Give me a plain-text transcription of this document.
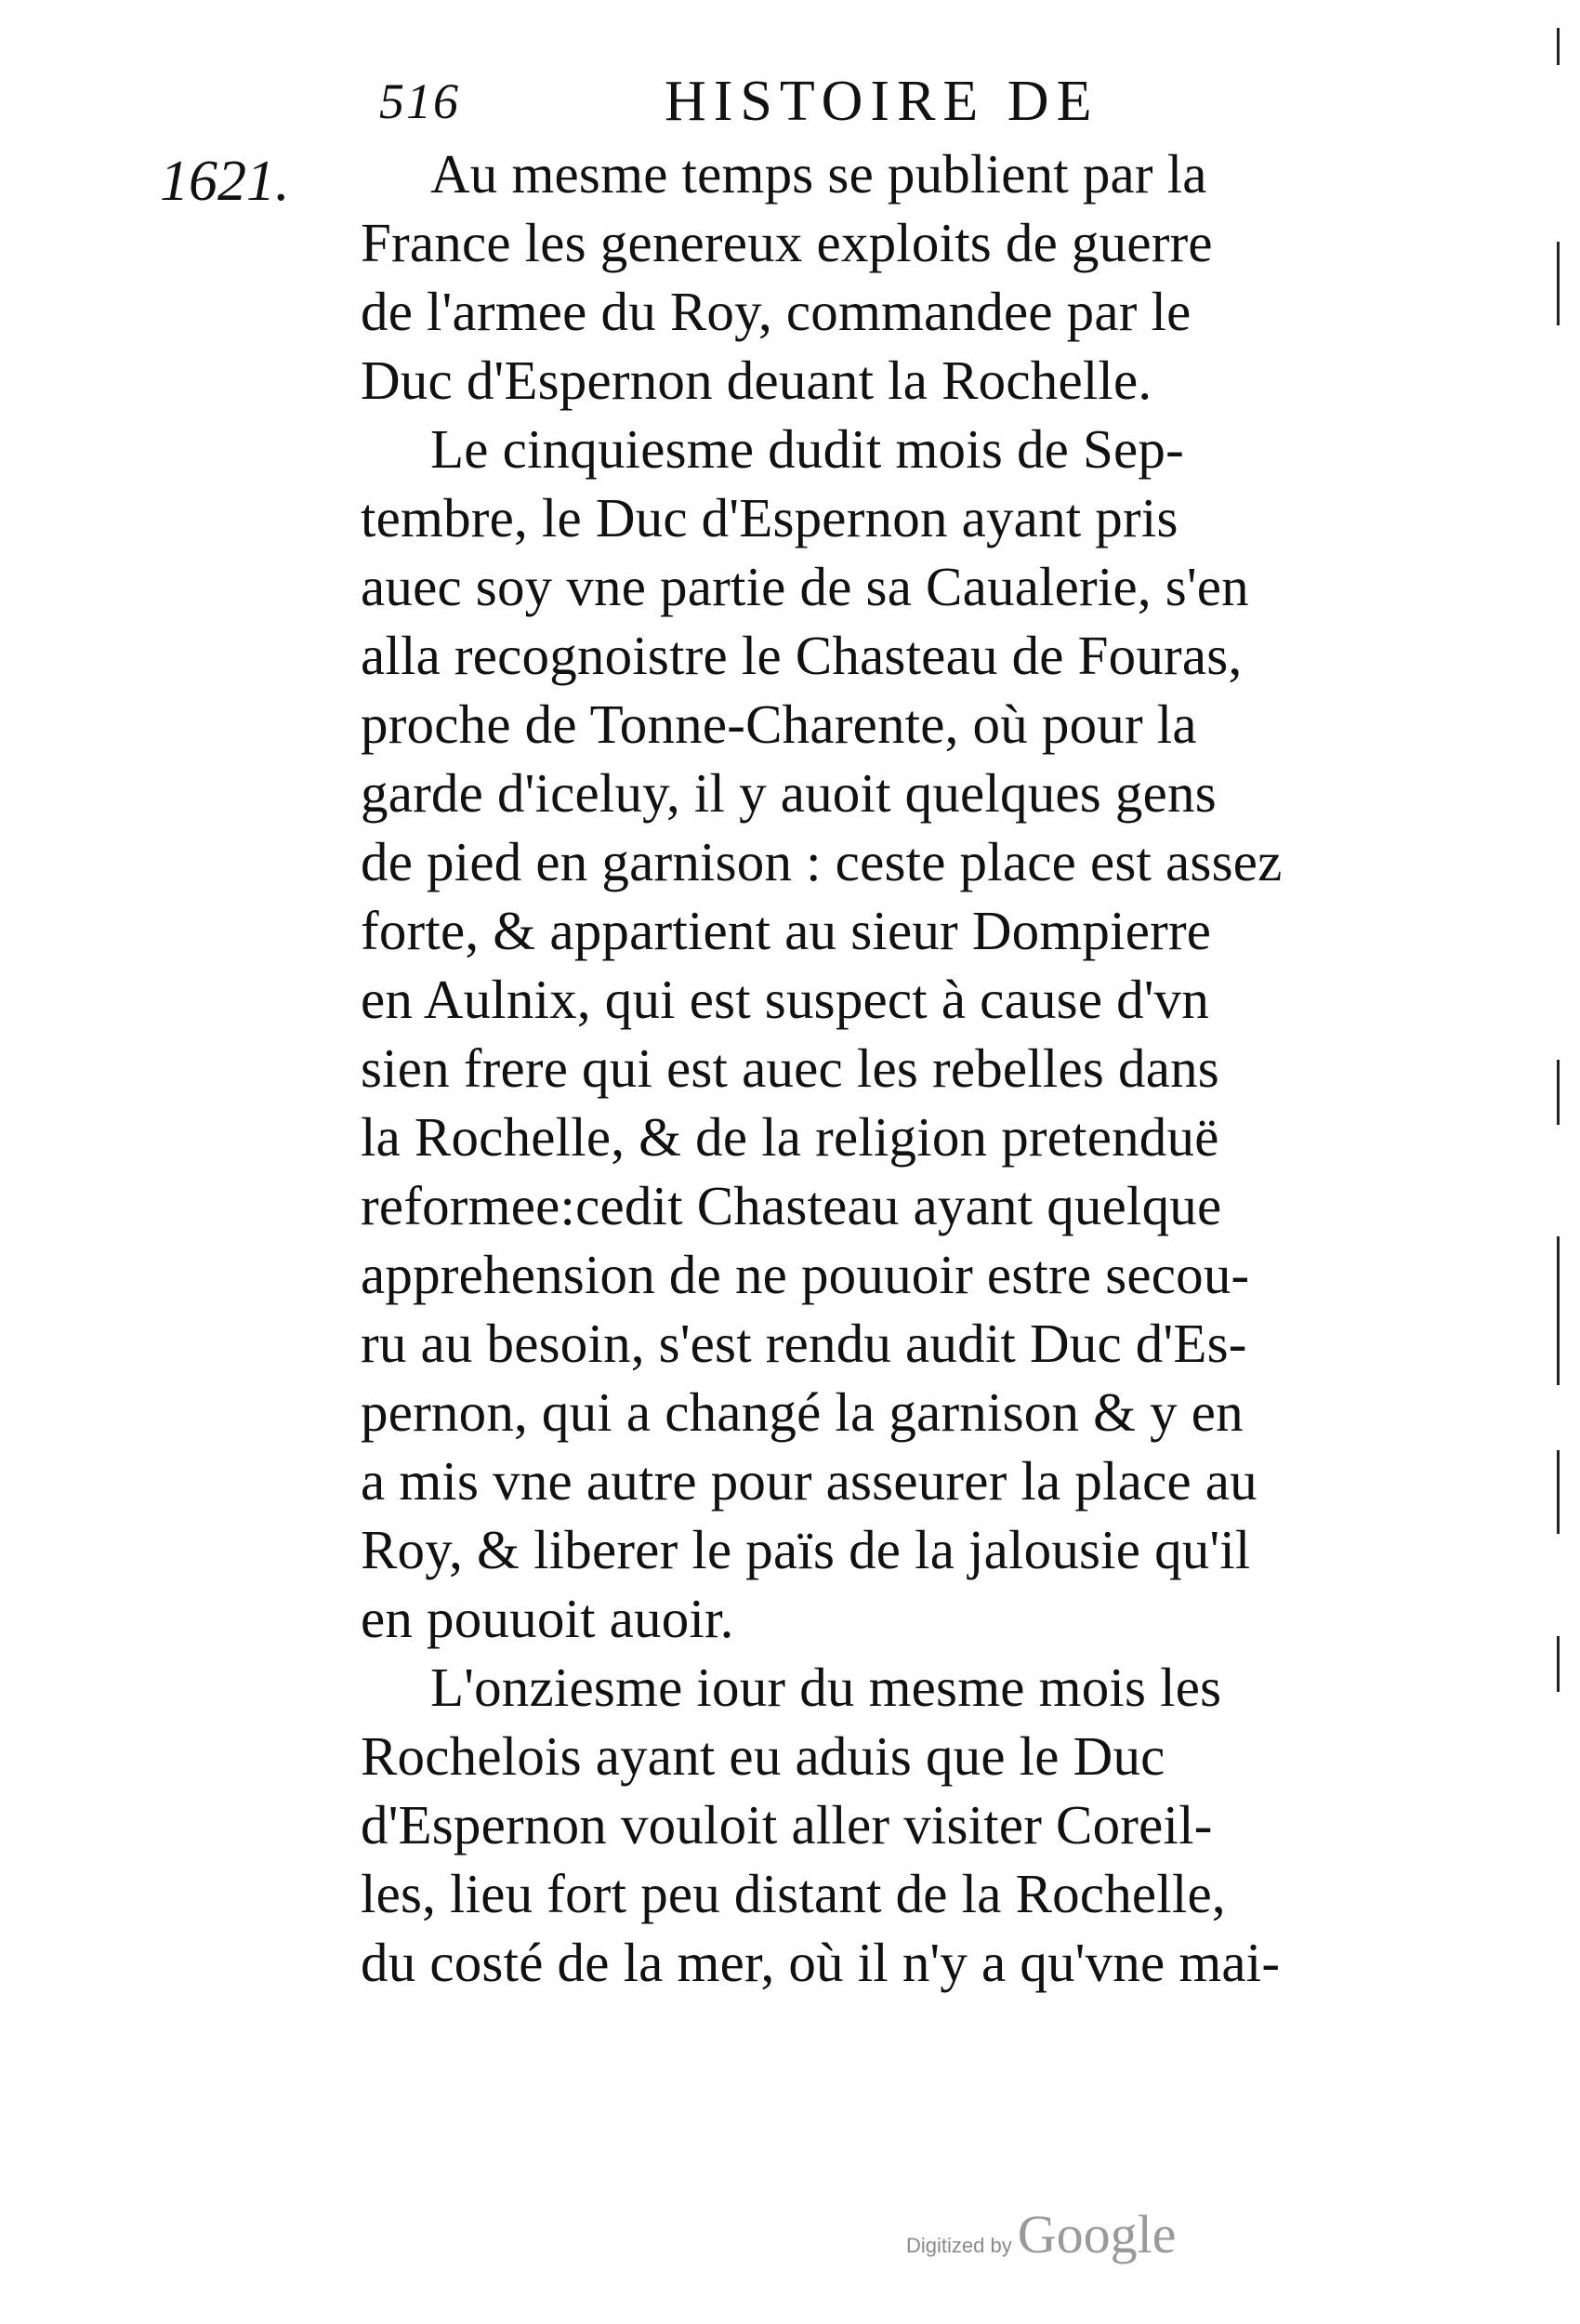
516	HISTOIRE DE
1621.	Au mesme temps se publient par la
France les genereux exploits de guerre
de l'armee du Roy, commandee par le
Duc d'Espernon deuant la Rochelle.
Le cinquiesme dudit mois de Sep-
tembre, le Duc d'Espernon ayant pris
auec soy vne partie de sa Caualerie, s'en
alla recognoistre le Chasteau de Fouras,
proche de Tonne-Charente, où pour la
garde d'iceluy, il y auoit quelques gens
de pied en garnison : ceste place est assez
forte, & appartient au sieur Dompierre
en Aulnix, qui est suspect à cause d'vn
sien frere qui est auec les rebelles dans
la Rochelle, & de la religion pretenduë
reformee:cedit Chasteau ayant quelque
apprehension de ne pouuoir estre secou-
ru au besoin, s'est rendu audit Duc d'Es-
pernon, qui a changé la garnison & y en
a mis vne autre pour asseurer la place au
Roy, & liberer le païs de la jalousie qu'il
en pouuoit auoir.
L'onziesme iour du mesme mois les
Rochelois ayant eu aduis que le Duc
d'Espernon vouloit aller visiter Coreil-
les, lieu fort peu distant de la Rochelle,
du costé de la mer, où il n'y a qu'vne mai-
Digitized by Google
